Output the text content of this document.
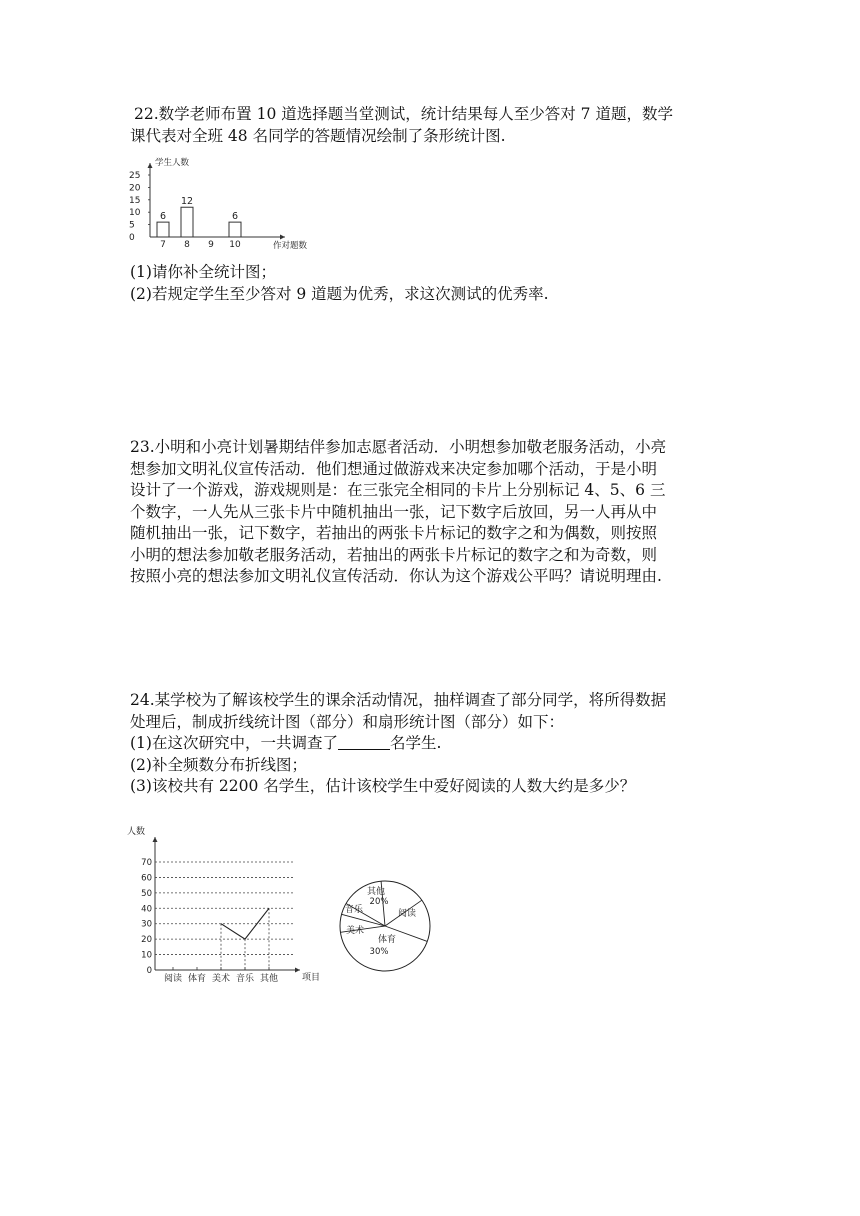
22.数学老师布置 10 道选择题当堂测试，统计结果每人至少答对 7 道题，数学

课代表对全班 48 名同学的答题情况绘制了条形统计图.

学生人数
作对题数
0
5
10
15
20
25
7
6
8
12
9 10
6

(1)请你补全统计图；

(2)若规定学生至少答对 9 道题为优秀，求这次测试的优秀率.

23.小明和小亮计划暑期结伴参加志愿者活动．小明想参加敬老服务活动，小亮

想参加文明礼仪宣传活动．他们想通过做游戏来决定参加哪个活动，于是小明

设计了一个游戏，游戏规则是：在三张完全相同的卡片上分别标记 4、5、6 三

个数字，一人先从三张卡片中随机抽出一张，记下数字后放回，另一人再从中

随机抽出一张，记下数字，若抽出的两张卡片标记的数字之和为偶数，则按照

小明的想法参加敬老服务活动，若抽出的两张卡片标记的数字之和为奇数，则

按照小亮的想法参加文明礼仪宣传活动．你认为这个游戏公平吗？请说明理由.

24.某学校为了解该校学生的课余活动情况，抽样调查了部分同学，将所得数据

处理后，制成折线统计图（部分）和扇形统计图（部分）如下：

(1)在这次研究中，一共调查了	名学生.

(2)补全频数分布折线图；

(3)该校共有 2200 名学生，估计该校学生中爱好阅读的人数大约是多少？

人数
项目
0
10
20
30
40
50
60
70
阅读 体育 美术 音乐 其他
其他
20%
阅读
体育
30%
美术
音乐
